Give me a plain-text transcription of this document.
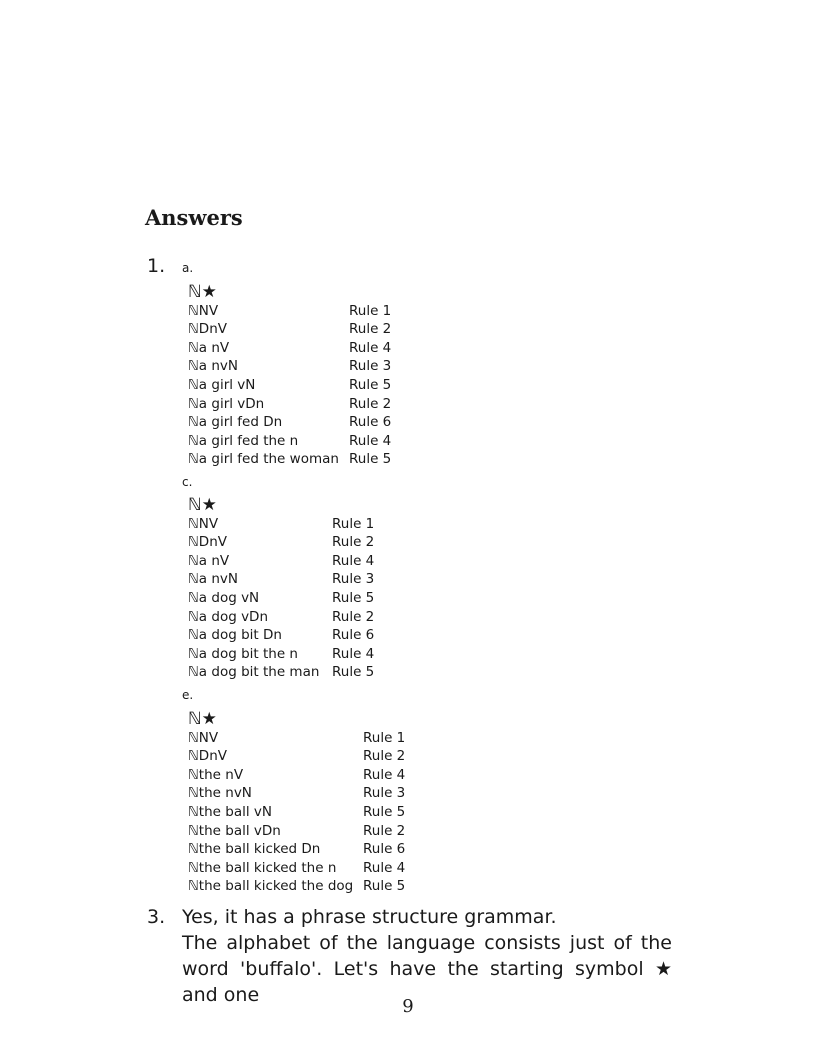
Answers
1. a.
ℕ★
ℕNV	Rule 1
ℕDnV	Rule 2
ℕa nV	Rule 4
ℕa nvN	Rule 3
ℕa girl vN	Rule 5
ℕa girl vDn	Rule 2
ℕa girl fed Dn	Rule 6
ℕa girl fed the n	Rule 4
ℕa girl fed the woman Rule 5
c.
ℕ★
ℕNV	Rule 1
ℕDnV	Rule 2
ℕa nV	Rule 4
ℕa nvN	Rule 3
ℕa dog vN	Rule 5
ℕa dog vDn	Rule 2
ℕa dog bit Dn	Rule 6
ℕa dog bit the n	Rule 4
ℕa dog bit the man Rule 5
e.
ℕ★
ℕNV	Rule 1
ℕDnV	Rule 2
ℕthe nV	Rule 4
ℕthe nvN	Rule 3
ℕthe ball vN	Rule 5
ℕthe ball vDn	Rule 2
ℕthe ball kicked Dn	Rule 6
ℕthe ball kicked the n Rule 4
ℕthe ball kicked the dog Rule 5
3. Yes, it has a phrase structure grammar.

The alphabet of the language consists just of the word 'buffalo'. Let's have the starting symbol ★ and one

9
